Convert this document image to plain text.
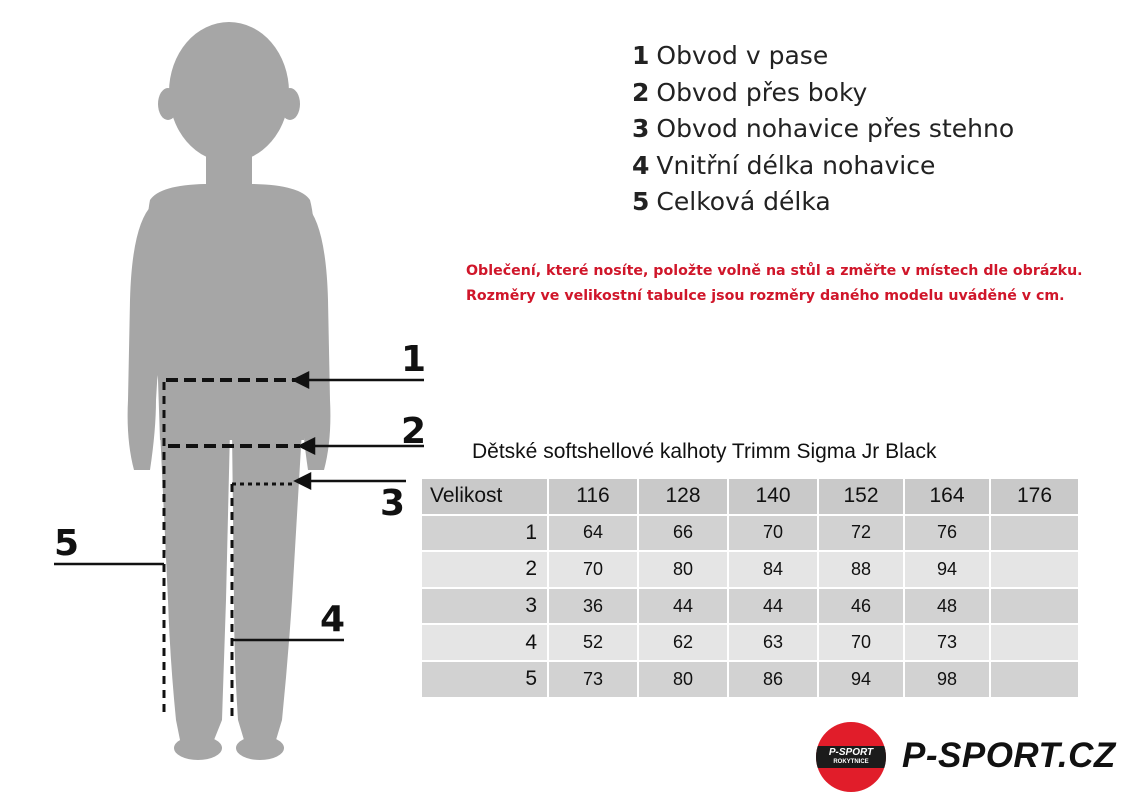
1
2
3
5
4
1 Obvod v pase
2 Obvod přes boky
3 Obvod nohavice přes stehno
4 Vnitřní délka nohavice
5 Celková délka
Oblečení, které nosíte, položte volně na stůl a změřte v místech dle obrázku.
Rozměry ve velikostní tabulce jsou rozměry daného modelu uváděné v cm.
Dětské softshellové kalhoty Trimm Sigma Jr Black
Velikost	116	128	140	152	164	176
1	64	66	70	72	76	
2	70	80	84	88	94	
3	36	44	44	46	48	
4	52	62	63	70	73	
5	73	80	86	94	98	
P-SPORT
ROKYTNICE P-SPORT.CZ
